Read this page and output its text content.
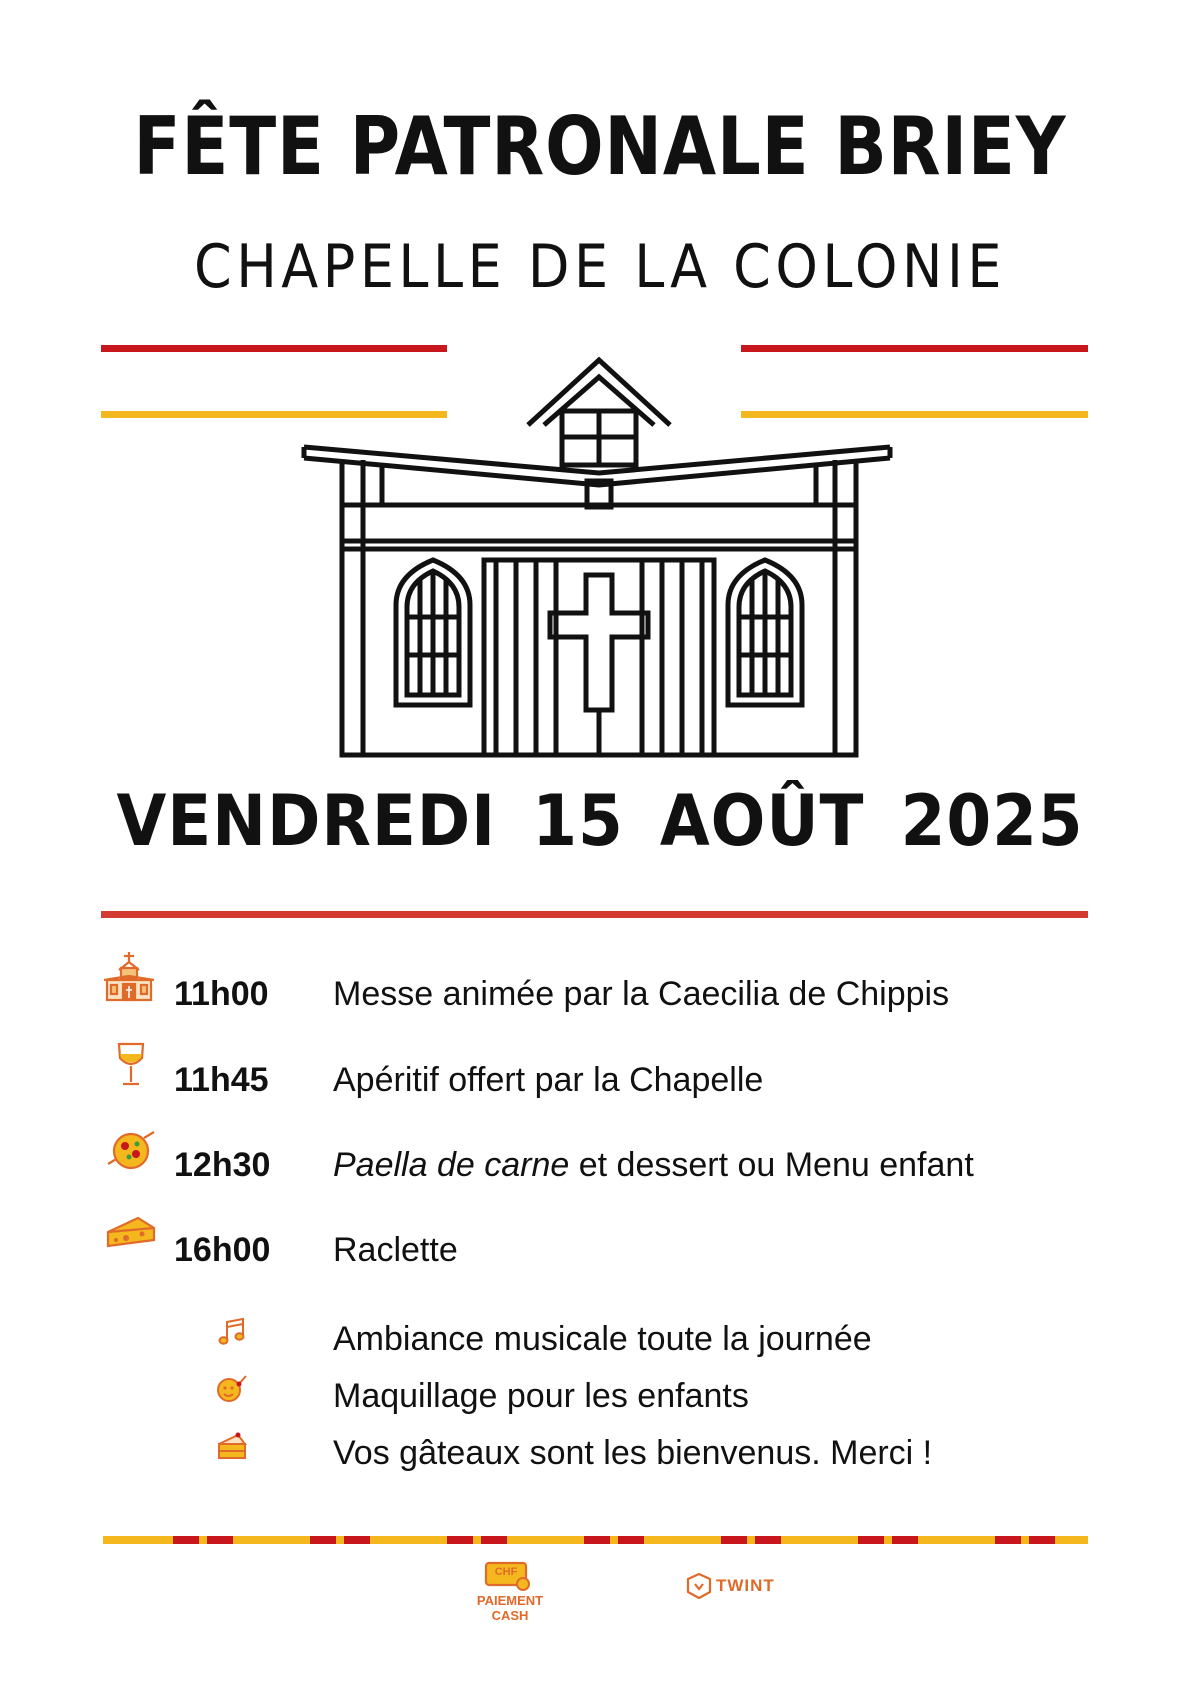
FÊTE PATRONALE BRIEY
CHAPELLE DE LA COLONIE
VENDREDI 15 AOÛT 2025
11h00 Messe animée par la Caecilia de Chippis
11h45 Apéritif offert par la Chapelle
12h30 Paella de carne et dessert ou Menu enfant
16h00 Raclette
Ambiance musicale toute la journée
Maquillage pour les enfants
Vos gâteaux sont les bienvenus. Merci !
CHF
PAIEMENT
CASH
TWINT
